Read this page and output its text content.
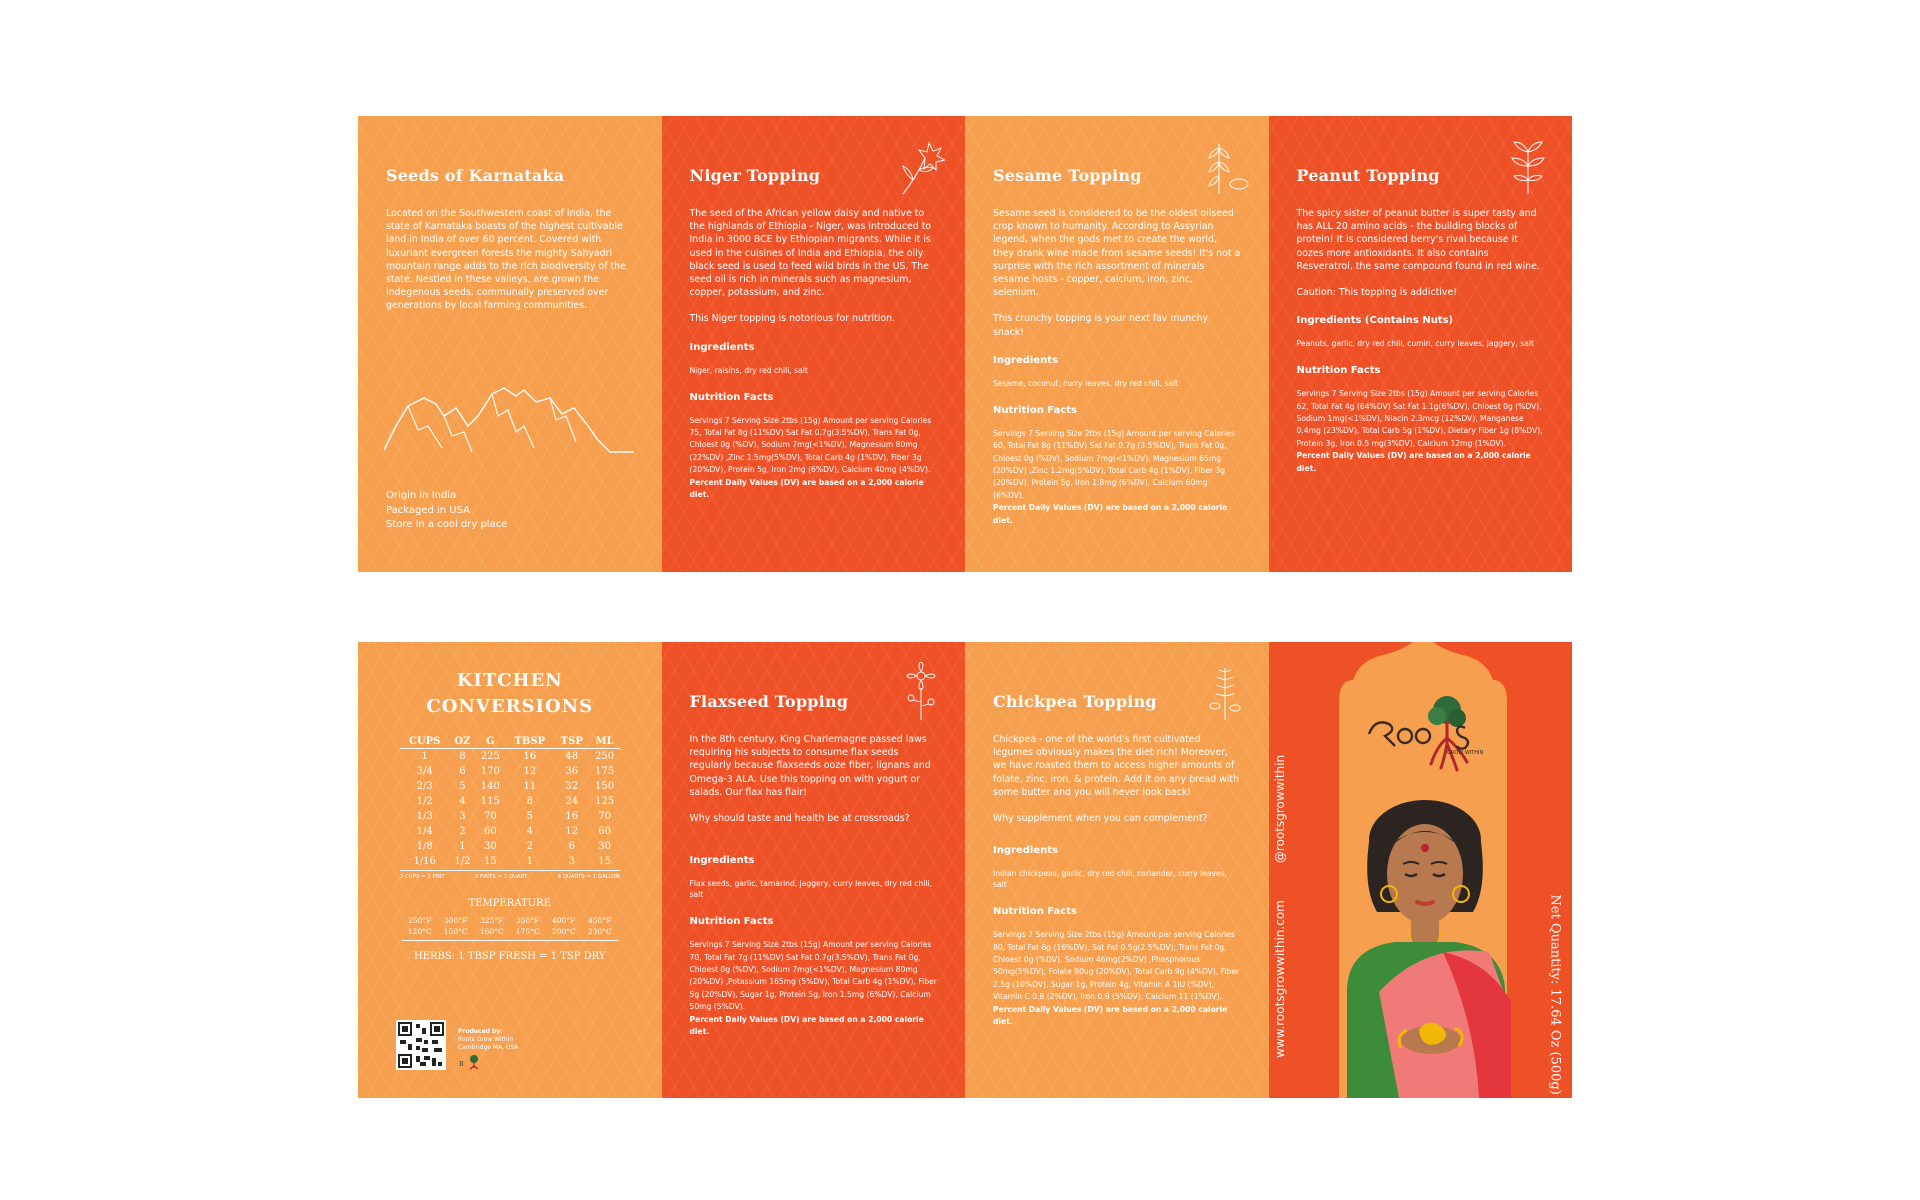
Seeds of Karnataka
Located on the Southwestern coast of India, the state of Karnataka boasts of the highest cultivable land in India of over 60 percent. Covered with luxuriant evergreen forests the mighty Sahyadri mountain range adds to the rich biodiversity of the state. Nestled in these valleys, are grown the indegenous seeds, communally preserved over generations by local farming communities.
Origin in India
Packaged in USA
Store in a cool dry place
Niger Topping
The seed of the African yellow daisy and native to the highlands of Ethiopia - Niger, was introduced to India in 3000 BCE by Ethiopian migrants. While it is used in the cuisines of India and Ethiopia, the oily black seed is used to feed wild birds in the US. The seed oil is rich in minerals such as magnesium, copper, potassium, and zinc.
This Niger topping is notorious for nutrition.
Ingredients
Niger, raisins, dry red chili, salt
Nutrition Facts
Servings 7 Serving Size 2tbs (15g) Amount per serving Calories 75, Total Fat 8g (11%DV) Sat Fat 0.7g(3.5%DV), Trans Fat 0g, Chloest 0g (%DV), Sodium 7mg(<1%DV), Magnesium 80mg (22%DV) ,Zinc 1.5mg(5%DV), Total Carb 4g (1%DV), Fiber 3g (20%DV), Protein 5g, Iron 2mg (6%DV), Calcium 40mg (4%DV).
Percent Daily Values (DV) are based on a 2,000 calorie diet.
Sesame Topping
Sesame seed is considered to be the oldest oilseed crop known to humanity. According to Assyrian legend, when the gods met to create the world, they drank wine made from sesame seeds! It's not a surprise with the rich assortment of minerals sesame hosts - copper, calcium, iron, zinc, selenium.
This crunchy topping is your next fav munchy snack!
Ingredients
Sesame, coconut, curry leaves, dry red chili, salt
Nutrition Facts
Servings 7 Serving Size 2tbs (15g) Amount per serving Calories 60, Total Fat 8g (11%DV) Sat Fat 0.7g (3.5%DV), Trans Fat 0g, Chloest 0g (%DV), Sodium 7mg(<1%DV), Magnesium 65mg (20%DV) ,Zinc 1.2mg(5%DV), Total Carb 4g (1%DV), Fiber 3g (20%DV), Protein 5g, Iron 1.8mg (6%DV), Calcium 60mg (6%DV).
Percent Daily Values (DV) are based on a 2,000 calorie diet.
Peanut Topping
The spicy sister of peanut butter is super tasty and has ALL 20 amino acids - the building blocks of protein! It is considered berry's rival because it oozes more antioxidants. It also contains Resveratrol, the same compound found in red wine.
Caution: This topping is addictive!
Ingredients (Contains Nuts)
Peanuts, garlic, dry red chili, cumin, curry leaves, jaggery, salt
Nutrition Facts
Servings 7 Serving Size 2tbs (15g) Amount per serving Calories 62, Total Fat 4g (64%DV) Sat Fat 1.1g(6%DV), Chloest 0g (%DV), Sodium 1mg(<1%DV), Niacin 2.3mcg (12%DV), Manganese 0.4mg (23%DV), Total Carb 5g (1%DV), Dietary Fiber 1g (8%DV), Protein 3g, Iron 0.5 mg(3%DV), Calcium 12mg (1%DV).
Percent Daily Values (DV) are based on a 2,000 calorie diet.
KITCHEN
CONVERSIONS
CUPS	OZ	G	TBSP	TSP	ML
1	8	225	16	48	250
3/4	6	170	12	36	175
2/3	5	140	11	32	150
1/2	4	115	8	24	125
1/3	3	70	5	16	70
1/4	2	60	4	12	60
1/8	1	30	2	6	30
1/16	1/2	15	1	3	15
2 CUPS = 1 PINT	2 PINTS = 1 QUART	4 QUARTS = 1 GALLON
TEMPERATURE
250°F	300°F	325°F	350°F	400°F	450°F
120°C	150°C	160°C	175°C	200°C	230°C
HERBS: 1 TBSP FRESH = 1 TSP DRY
Produced by:
Roots Grow Within
Cambridge MA, USA
R
Flaxseed Topping
In the 8th century, King Charlemagne passed laws requiring his subjects to consume flax seeds regularly because flaxseeds ooze fiber, lignans and Omega-3 ALA. Use this topping on with yogurt or salads. Our flax has flair!
Why should taste and health be at crossroads?
Ingredients
Flax seeds, garlic, tamarind, jaggery, curry leaves, dry red chili, salt
Nutrition Facts
Servings 7 Serving Size 2tbs (15g) Amount per serving Calories 70, Total Fat 7g (11%DV) Sat Fat 0.7g(3.5%DV), Trans Fat 0g, Chloest 0g (%DV), Sodium 7mg(<1%DV), Magnesium 80mg (20%DV) ,Potassium 165mg (5%DV), Total Carb 4g (1%DV), Fiber 5g (20%DV), Sugar 1g, Protein 5g, Iron 1.5mg (6%DV), Calcium 50mg (5%DV).
Percent Daily Values (DV) are based on a 2,000 calorie diet.
Chickpea Topping
Chickpea - one of the world's first cultivated legumes obviously makes the diet rich! Moreover, we have roasted them to access higher amounts of folate, zinc, iron, & protein. Add it on any bread with some butter and you will never look back!
Why supplement when you can complement?
Ingredients
Indian chickpeas, garlic, dry red chili, coriander, curry leaves, salt
Nutrition Facts
Servings 7 Serving Size 2tbs (15g) Amount per serving Calories 80, Total Fat 6g (16%DV), Sat Fat 0.5g(2.5%DV), Trans Fat 0g, Chloest 0g (%DV), Sodium 46mg(2%DV) ,Phosphorous 50mg(5%DV), Folate 80ug (20%DV), Total Carb 9g (4%DV), Fiber 2.5g (10%DV), Sugar 1g, Protein 4g, Vitamin A 1IU (%DV), Vitamin C 0.8 (2%DV), Iron 0.9 (5%DV), Calcium 11 (1%DV).
Percent Daily Values (DV) are based on a 2,000 calorie diet.
@rootsgrowwithin
www.rootsgrowwithin.com	Net Quantity: 17.64 Oz (500g)
GROW WITHIN
